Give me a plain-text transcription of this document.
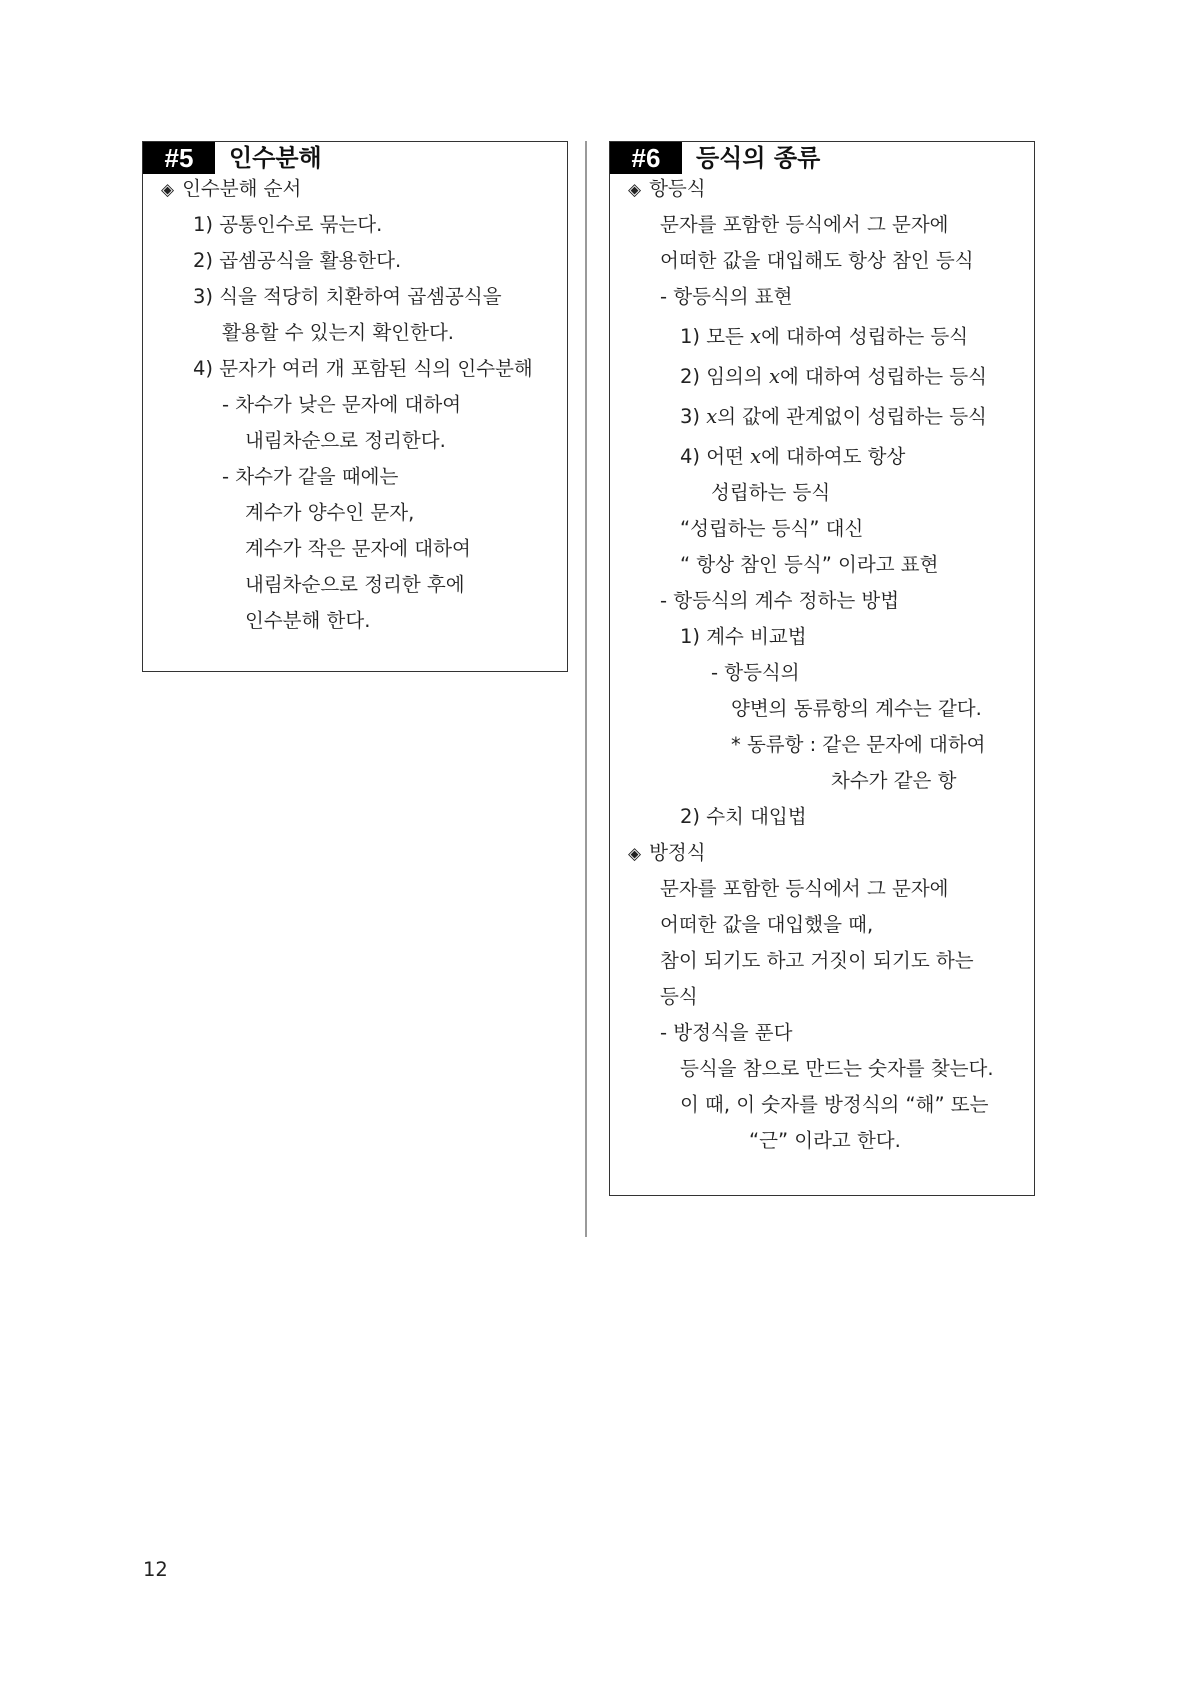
#5	인수분해
◈ 인수분해 순서
1) 공통인수로 묶는다.
2) 곱셈공식을 활용한다.
3) 식을 적당히 치환하여 곱셈공식을
활용할 수 있는지 확인한다.
4) 문자가 여러 개 포함된 식의 인수분해
- 차수가 낮은 문자에 대하여
내림차순으로 정리한다.
- 차수가 같을 때에는
계수가 양수인 문자,
계수가 작은 문자에 대하여
내림차순으로 정리한 후에
인수분해 한다.
#6	등식의 종류
◈ 항등식
문자를 포함한 등식에서 그 문자에
어떠한 값을 대입해도 항상 참인 등식
- 항등식의 표현
1) 모든 x에 대하여 성립하는 등식
2) 임의의 x에 대하여 성립하는 등식
3) x의 값에 관계없이 성립하는 등식
4) 어떤 x에 대하여도 항상
성립하는 등식
“성립하는 등식” 대신
“ 항상 참인 등식” 이라고 표현
- 항등식의 계수 정하는 방법
1) 계수 비교법
- 항등식의
양변의 동류항의 계수는 같다.
* 동류항 : 같은 문자에 대하여
차수가 같은 항
2) 수치 대입법
◈ 방정식
문자를 포함한 등식에서 그 문자에
어떠한 값을 대입했을 때,
참이 되기도 하고 거짓이 되기도 하는
등식
- 방정식을 푼다
등식을 참으로 만드는 숫자를 찾는다.
이 때, 이 숫자를 방정식의 “해” 또는
“근” 이라고 한다.
12
